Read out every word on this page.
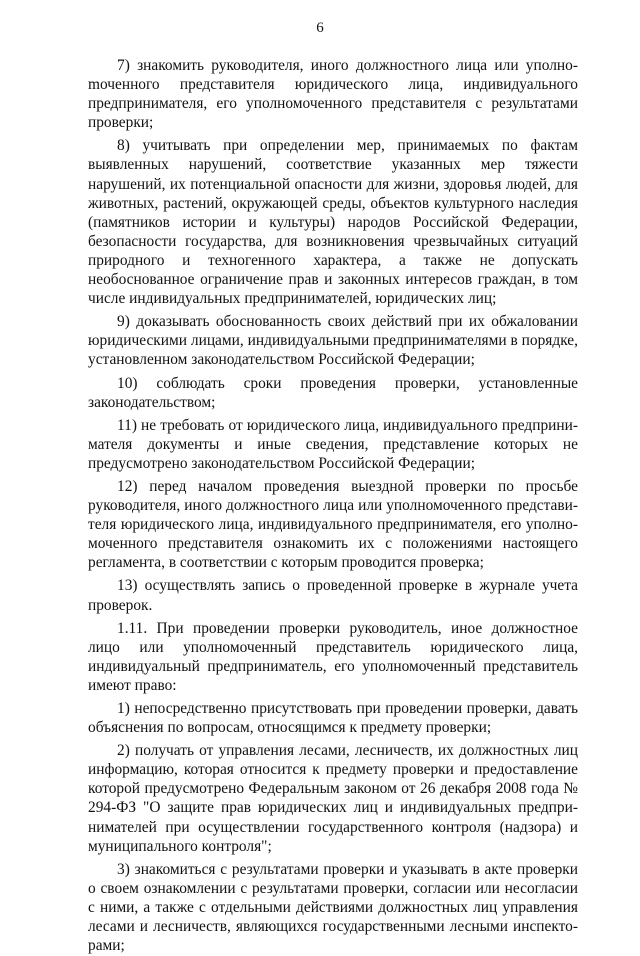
6

7) знакомить руководителя, иного должностного лица или уполноmоченного представителя юридического лица, индивидуального предпринимателя, его уполномоченного представителя с результатами проверки;

8) учитывать при определении мер, принимаемых по фактам выявленных нарушений, соответствие указанных мер тяжести нарушений, их потенциальной опасности для жизни, здоровья людей, для животных, растений, окружающей среды, объектов культурного наследия (памятников истории и культуры) народов Российской Федерации, безопасности государства, для возникновения чрезвычайных ситуаций природного и техногенного характера, а также не допускать необоснованное ограничение прав и законных интересов граждан, в том числе индивидуальных предпринимателей, юридических лиц;

9) доказывать обоснованность своих действий при их обжаловании юридическими лицами, индивидуальными предпринимателями в порядке, установленном законодательством Российской Федерации;

10) соблюдать сроки проведения проверки, установленные законодательством;

11) не требовать от юридического лица, индивидуального предпринимателя документы и иные сведения, представление которых не предусмотрено законодательством Российской Федерации;

12) перед началом проведения выездной проверки по просьбе руководителя, иного должностного лица или уполномоченного представителя юридического лица, индивидуального предпринимателя, его уполномоченного представителя ознакомить их с положениями настоящего регламента, в соответствии с которым проводится проверка;

13) осуществлять запись о проведенной проверке в журнале учета проверок.

1.11. При проведении проверки руководитель, иное должностное лицо или уполномоченный представитель юридического лица, индивидуальный предприниматель, его уполномоченный представитель имеют право:

1) непосредственно присутствовать при проведении проверки, давать объяснения по вопросам, относящимся к предмету проверки;

2) получать от управления лесами, лесничеств, их должностных лиц информацию, которая относится к предмету проверки и предоставление которой предусмотрено Федеральным законом от 26 декабря 2008 года № 294-ФЗ "О защите прав юридических лиц и индивидуальных предпринимателей при осуществлении государственного контроля (надзора) и муниципального контроля";

3) знакомиться с результатами проверки и указывать в акте проверки о своем ознакомлении с результатами проверки, согласии или несогласии с ними, а также с отдельными действиями должностных лиц управления лесами и лесничеств, являющихся государственными лесными инспекторами;
